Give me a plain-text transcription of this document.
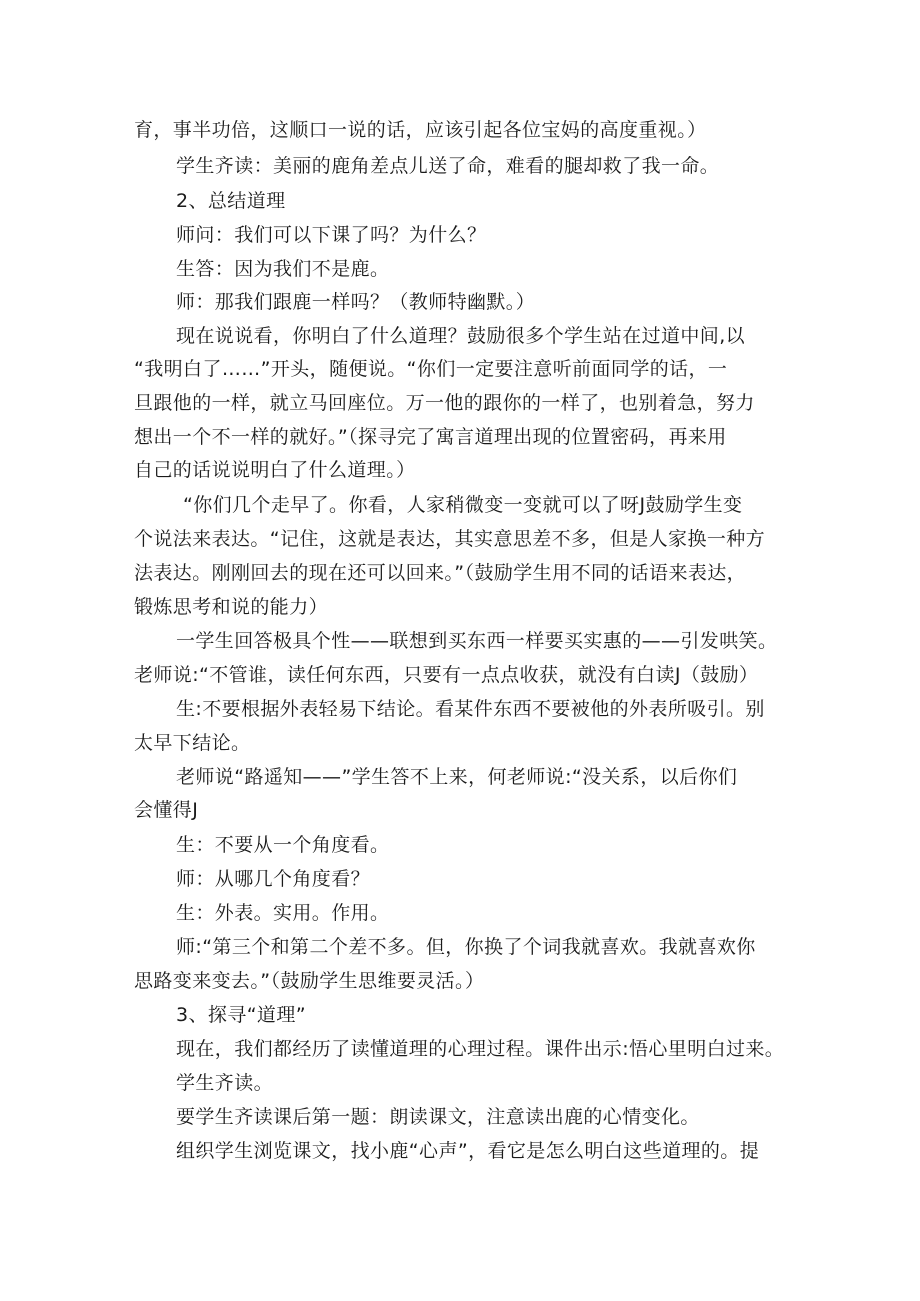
育，事半功倍，这顺口一说的话，应该引起各位宝妈的高度重视。）
学生齐读：美丽的鹿角差点儿送了命，难看的腿却救了我一命。
2、总结道理
师问：我们可以下课了吗？为什么？
生答：因为我们不是鹿。
师：那我们跟鹿一样吗？（教师特幽默。）
现在说说看，你明白了什么道理？鼓励很多个学生站在过道中间,以
“我明白了……”开头，随便说。“你们一定要注意听前面同学的话，一
旦跟他的一样，就立马回座位。万一他的跟你的一样了，也别着急，努力
想出一个不一样的就好。”（探寻完了寓言道理出现的位置密码，再来用
自己的话说说明白了什么道理。）
“你们几个走早了。你看，人家稍微变一变就可以了呀J鼓励学生变
个说法来表达。“记住，这就是表达，其实意思差不多，但是人家换一种方
法表达。刚刚回去的现在还可以回来。”（鼓励学生用不同的话语来表达，
锻炼思考和说的能力）
一学生回答极具个性——联想到买东西一样要买实惠的——引发哄笑。
老师说:“不管谁，读任何东西，只要有一点点收获，就没有白读J（鼓励）
生:不要根据外表轻易下结论。看某件东西不要被他的外表所吸引。别
太早下结论。
老师说“路遥知——”学生答不上来，何老师说:“没关系，以后你们
会懂得J
生：不要从一个角度看。
师：从哪几个角度看？
生：外表。实用。作用。
师:“第三个和第二个差不多。但，你换了个词我就喜欢。我就喜欢你
思路变来变去。”（鼓励学生思维要灵活。）
3、探寻“道理”
现在，我们都经历了读懂道理的心理过程。课件出示:悟心里明白过来。
学生齐读。
要学生齐读课后第一题：朗读课文，注意读出鹿的心情变化。
组织学生浏览课文，找小鹿“心声”，看它是怎么明白这些道理的。提
